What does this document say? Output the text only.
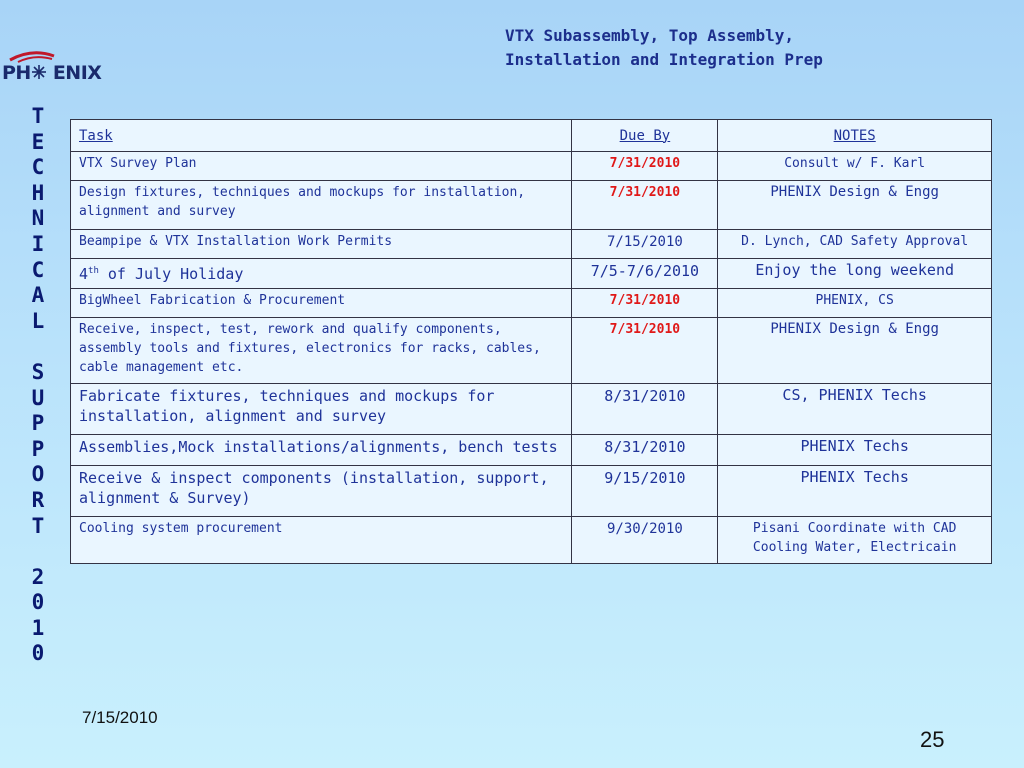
PH ENIX
VTX Subassembly, Top Assembly,
Installation and Integration Prep
T
E
C
H
N
I
C
A
L
S
U
P
P
O
R
T
2
0
1
0
Task	Due By	NOTES
VTX Survey Plan	7/31/2010	Consult w/ F. Karl
Design fixtures, techniques and mockups for installation, alignment and survey	7/31/2010	PHENIX Design & Engg
Beampipe & VTX Installation Work Permits	7/15/2010	D. Lynch, CAD Safety Approval
4th of July Holiday	7/5-7/6/2010	Enjoy the long weekend
BigWheel Fabrication & Procurement	7/31/2010	PHENIX, CS
Receive, inspect, test, rework and qualify components, assembly tools and fixtures, electronics for racks, cables, cable management etc.	7/31/2010	PHENIX Design & Engg
Fabricate fixtures, techniques and mockups for installation, alignment and survey	8/31/2010	CS, PHENIX Techs
Assemblies,Mock installations/alignments, bench tests	8/31/2010	PHENIX Techs
Receive & inspect components (installation, support, alignment & Survey)	9/15/2010	PHENIX Techs
Cooling system procurement	9/30/2010	Pisani Coordinate with CAD Cooling Water, Electricain
7/15/2010
25
